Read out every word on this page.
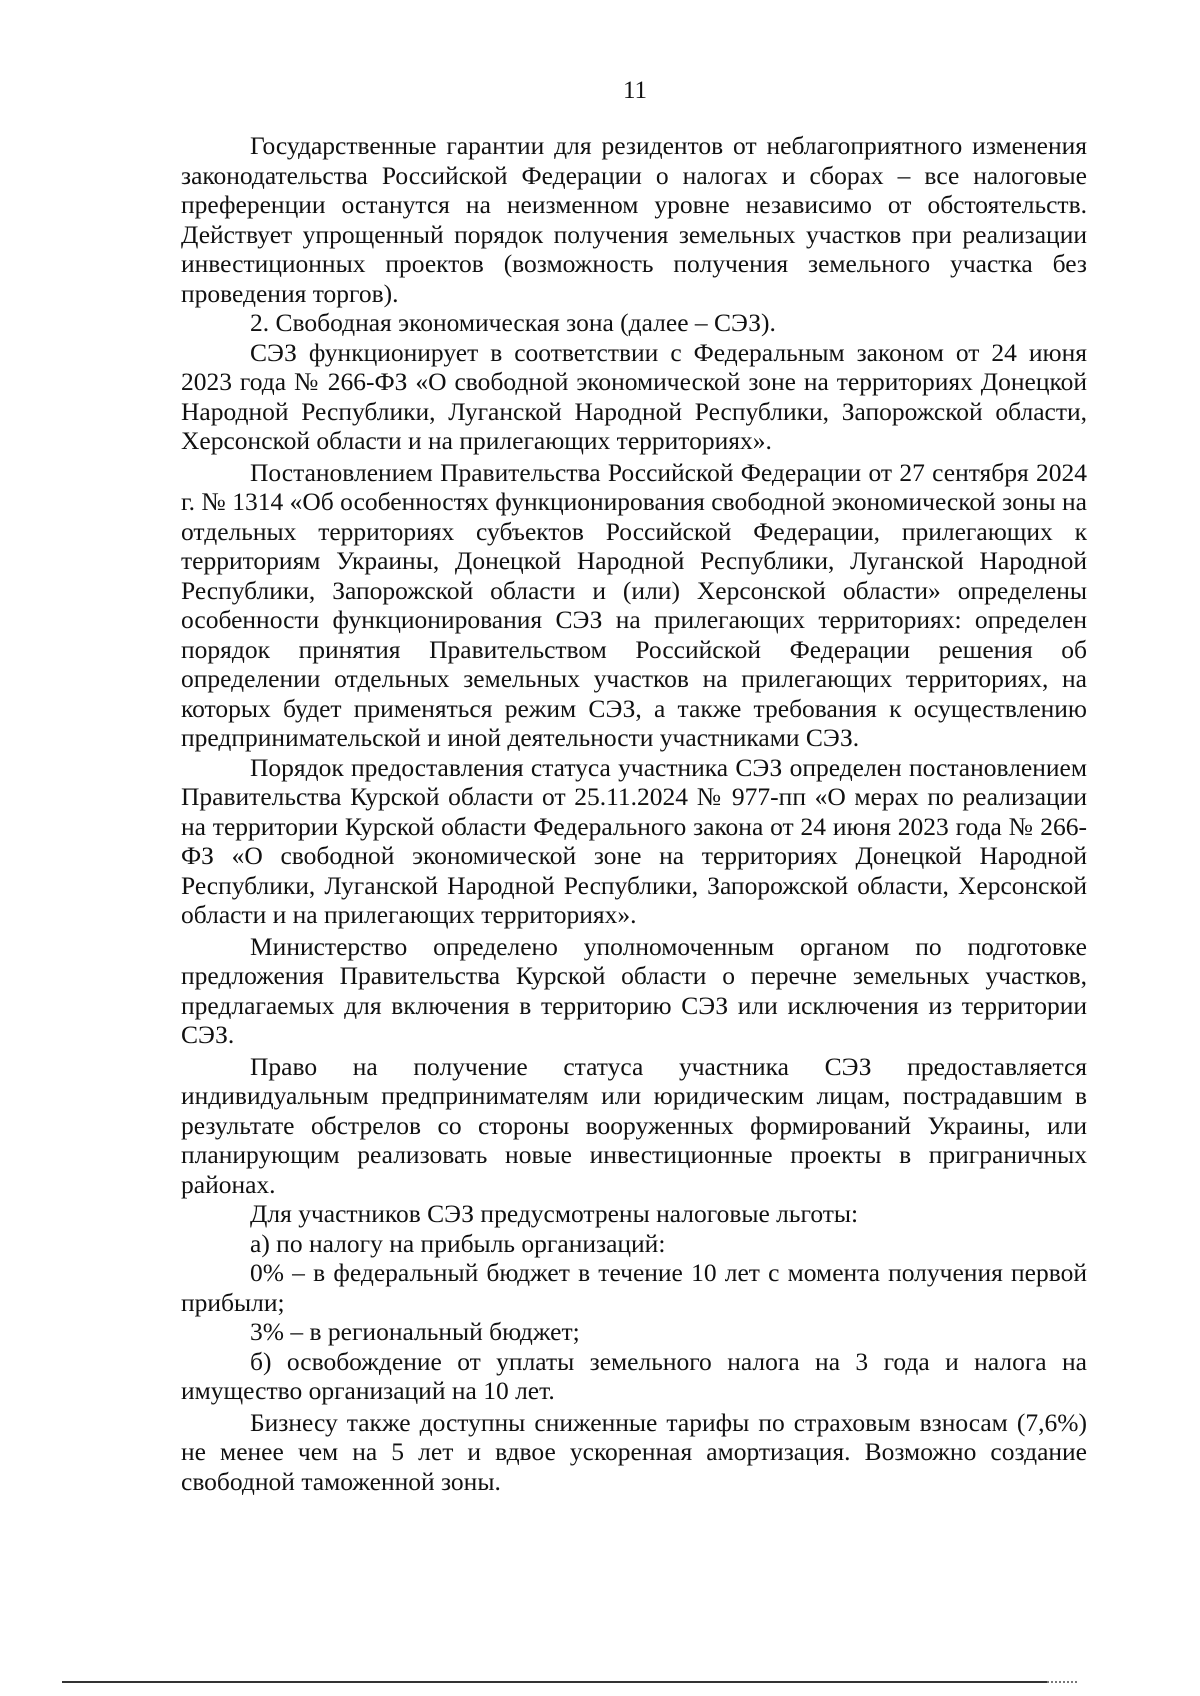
11

Государственные гарантии для резидентов от неблагоприятного изменения законодательства Российской Федерации о налогах и сборах – все налоговые преференции останутся на неизменном уровне независимо от обстоятельств. Действует упрощенный порядок получения земельных участков при реализации инвестиционных проектов (возможность получения земельного участка без проведения торгов).

2. Свободная экономическая зона (далее – СЭЗ).

СЭЗ функционирует в соответствии с Федеральным законом от 24 июня 2023 года № 266-ФЗ «О свободной экономической зоне на территориях Донецкой Народной Республики, Луганской Народной Республики, Запорожской области, Херсонской области и на прилегающих территориях».

Постановлением Правительства Российской Федерации от 27 сентября 2024 г. № 1314 «Об особенностях функционирования свободной экономической зоны на отдельных территориях субъектов Российской Федерации, прилегающих к территориям Украины, Донецкой Народной Республики, Луганской Народной Республики, Запорожской области и (или) Херсонской области» определены особенности функционирования СЭЗ на прилегающих территориях: определен порядок принятия Правительством Российской Федерации решения об определении отдельных земельных участков на прилегающих территориях, на которых будет применяться режим СЭЗ, а также требования к осуществлению предпринимательской и иной деятельности участниками СЭЗ.

Порядок предоставления статуса участника СЭЗ определен постановлением Правительства Курской области от 25.11.2024 № 977-пп «О мерах по реализации на территории Курской области Федерального закона от 24 июня 2023 года № 266-ФЗ «О свободной экономической зоне на территориях Донецкой Народной Республики, Луганской Народной Республики, Запорожской области, Херсонской области и на прилегающих территориях».

Министерство определено уполномоченным органом по подготовке предложения Правительства Курской области о перечне земельных участков, предлагаемых для включения в территорию СЭЗ или исключения из территории СЭЗ.

Право на получение статуса участника СЭЗ предоставляется индивидуальным предпринимателям или юридическим лицам, пострадавшим в результате обстрелов со стороны вооруженных формирований Украины, или планирующим реализовать новые инвестиционные проекты в приграничных районах.

Для участников СЭЗ предусмотрены налоговые льготы:

а) по налогу на прибыль организаций:

0% – в федеральный бюджет в течение 10 лет с момента получения первой прибыли;

3% – в региональный бюджет;

б) освобождение от уплаты земельного налога на 3 года и налога на имущество организаций на 10 лет.

Бизнесу также доступны сниженные тарифы по страховым взносам (7,6%) не менее чем на 5 лет и вдвое ускоренная амортизация. Возможно создание свободной таможенной зоны.
